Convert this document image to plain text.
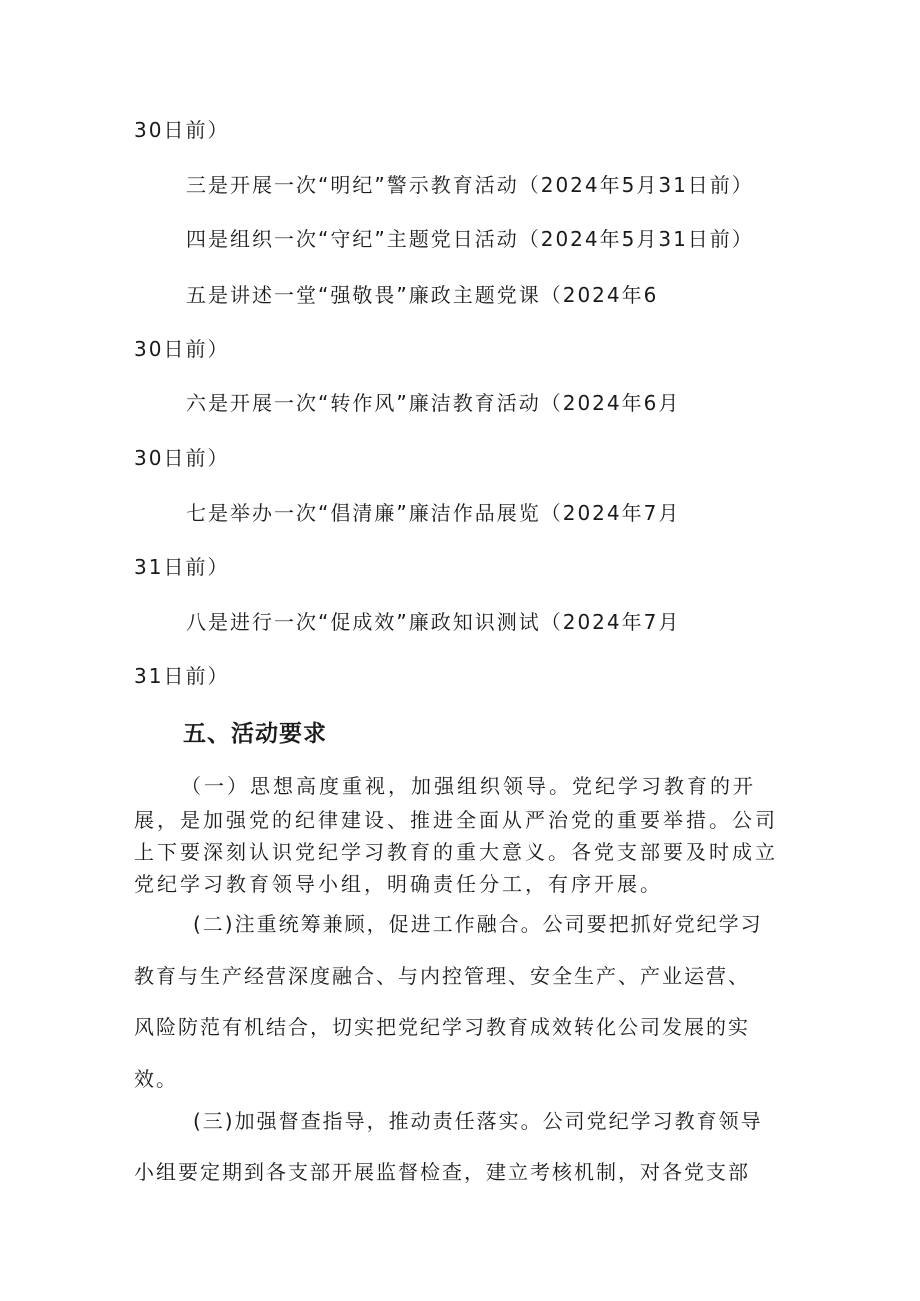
30日前）
三是开展一次“明纪”警示教育活动（2024年5月31日前）
四是组织一次“守纪”主题党日活动（2024年5月31日前）
五是讲述一堂“强敬畏”廉政主题党课（2024年6
30日前）
六是开展一次“转作风”廉洁教育活动（2024年6月
30日前）
七是举办一次“倡清廉”廉洁作品展览（2024年7月
31日前）
八是进行一次“促成效”廉政知识测试（2024年7月
31日前）
五、活动要求
（一）思想高度重视，加强组织领导。党纪学习教育的开
展，是加强党的纪律建设、推进全面从严治党的重要举措。公司
上下要深刻认识党纪学习教育的重大意义。各党支部要及时成立
党纪学习教育领导小组，明确责任分工，有序开展。
(二)注重统筹兼顾，促进工作融合。公司要把抓好党纪学习
教育与生产经营深度融合、与内控管理、安全生产、产业运营、
风险防范有机结合，切实把党纪学习教育成效转化公司发展的实
效。
(三)加强督查指导，推动责任落实。公司党纪学习教育领导
小组要定期到各支部开展监督检查，建立考核机制，对各党支部
